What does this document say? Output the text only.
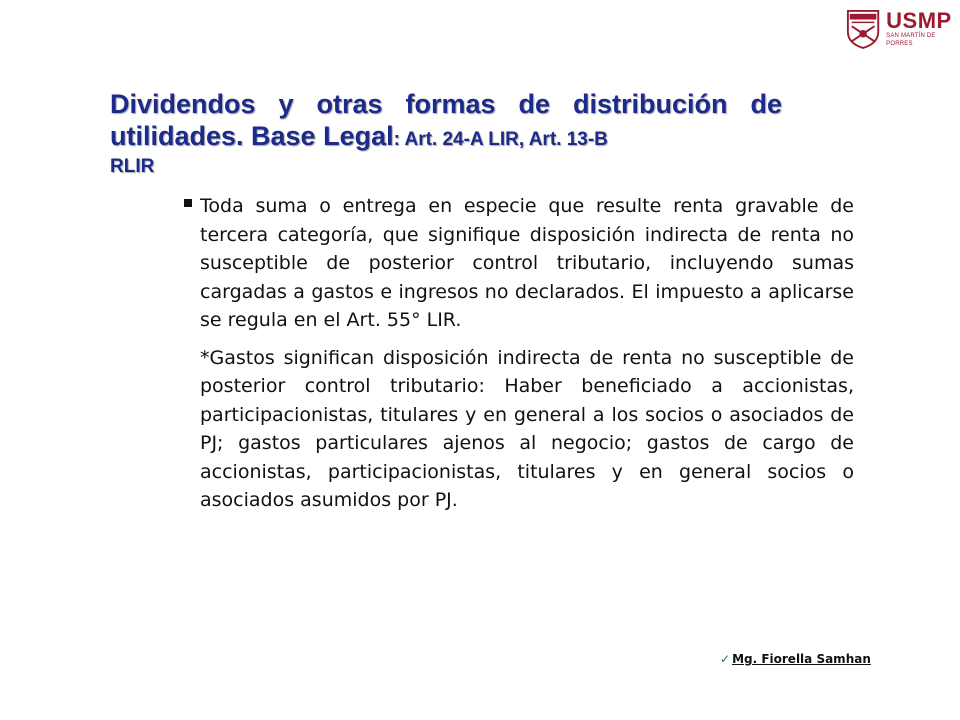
USMP
SAN MARTÍN DE PORRES
Dividendos y otras formas de distribución de utilidades. Base Legal: Art. 24-A LIR, Art. 13-B
RLIR

Toda suma o entrega en especie que resulte renta gravable de tercera categoría, que signifique disposición indirecta de renta no susceptible de posterior control tributario, incluyendo sumas cargadas a gastos e ingresos no declarados. El impuesto a aplicarse se regula en el Art. 55° LIR.

*Gastos significan disposición indirecta de renta no susceptible de posterior control tributario: Haber beneficiado a accionistas, participacionistas, titulares y en general a los socios o asociados de PJ; gastos particulares ajenos al negocio; gastos de cargo de accionistas, participacionistas, titulares y en general socios o asociados asumidos por PJ.

✓ Mg. Fiorella Samhan
